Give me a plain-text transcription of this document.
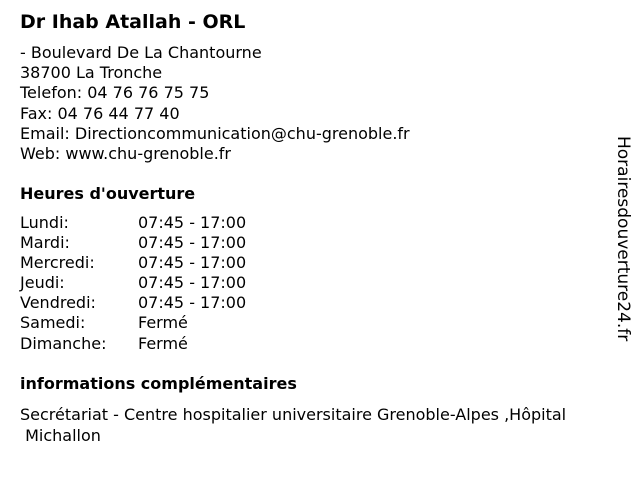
Dr Ihab Atallah - ORL
- Boulevard De La Chantourne
38700 La Tronche
Telefon: 04 76 76 75 75
Fax: 04 76 44 77 40
Email: Directioncommunication@chu-grenoble.fr
Web: www.chu-grenoble.fr
Heures d'ouverture
Lundi:	07:45 - 17:00
Mardi:	07:45 - 17:00
Mercredi:	07:45 - 17:00
Jeudi:	07:45 - 17:00
Vendredi:	07:45 - 17:00
Samedi:	Fermé
Dimanche: Fermé
informations complémentaires
Secrétariat - Centre hospitalier universitaire Grenoble-Alpes ,Hôpital
Michallon
Horairesdouverture24.fr
